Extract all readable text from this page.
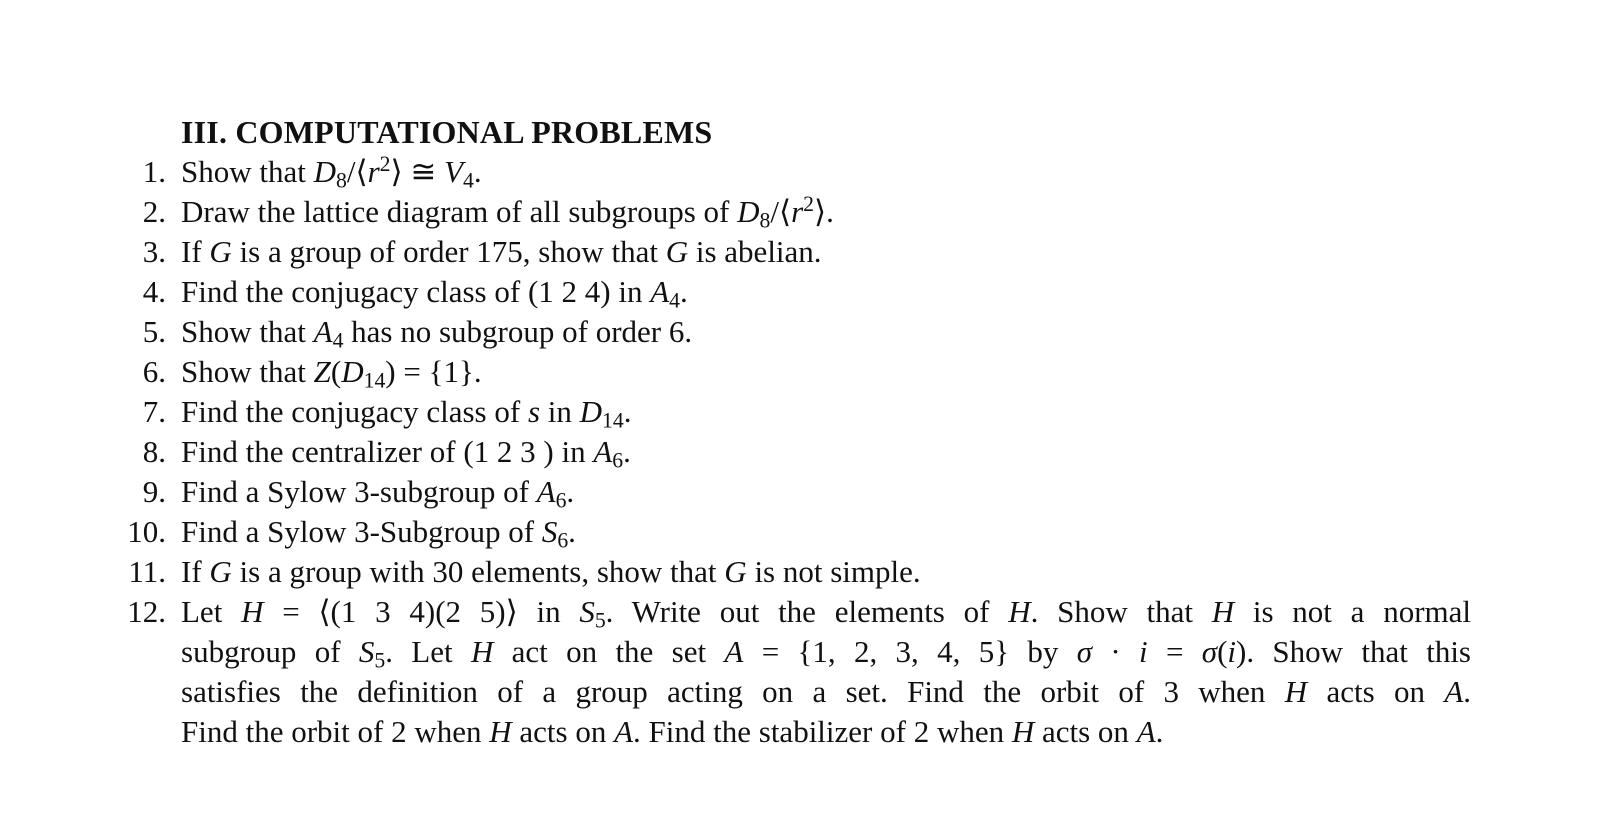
III. COMPUTATIONAL PROBLEMS
1. Show that $D_8/⟨r^2⟩$ ≅ $V_4$.
2. Draw the lattice diagram of all subgroups of $D_8/⟨r^2⟩$.
3. If G is a group of order 175, show that G is abelian.
4. Find the conjugacy class of (1 2 4) in $A_4$.
5. Show that $A_4$ has no subgroup of order 6.
6. Show that $Z(D_{14}) = \{1\}$.
7. Find the conjugacy class of s in $D_{14}$.
8. Find the centralizer of (1 2 3 ) in $A_6$.
9. Find a Sylow 3-subgroup of $A_6$.
10. Find a Sylow 3-Subgroup of $S_6$.
11. If G is a group with 30 elements, show that G is not simple.
12. Let H = ⟨(1 3 4)(2 5)⟩ in $S_5$. Write out the elements of H. Show that H is not a normal
subgroup of $S_5$. Let H act on the set A = {1, 2, 3, 4, 5} by σ · i = σ(i). Show that this
satisfies the definition of a group acting on a set. Find the orbit of 3 when H acts on A.
Find the orbit of 2 when H acts on A. Find the stabilizer of 2 when H acts on A.
